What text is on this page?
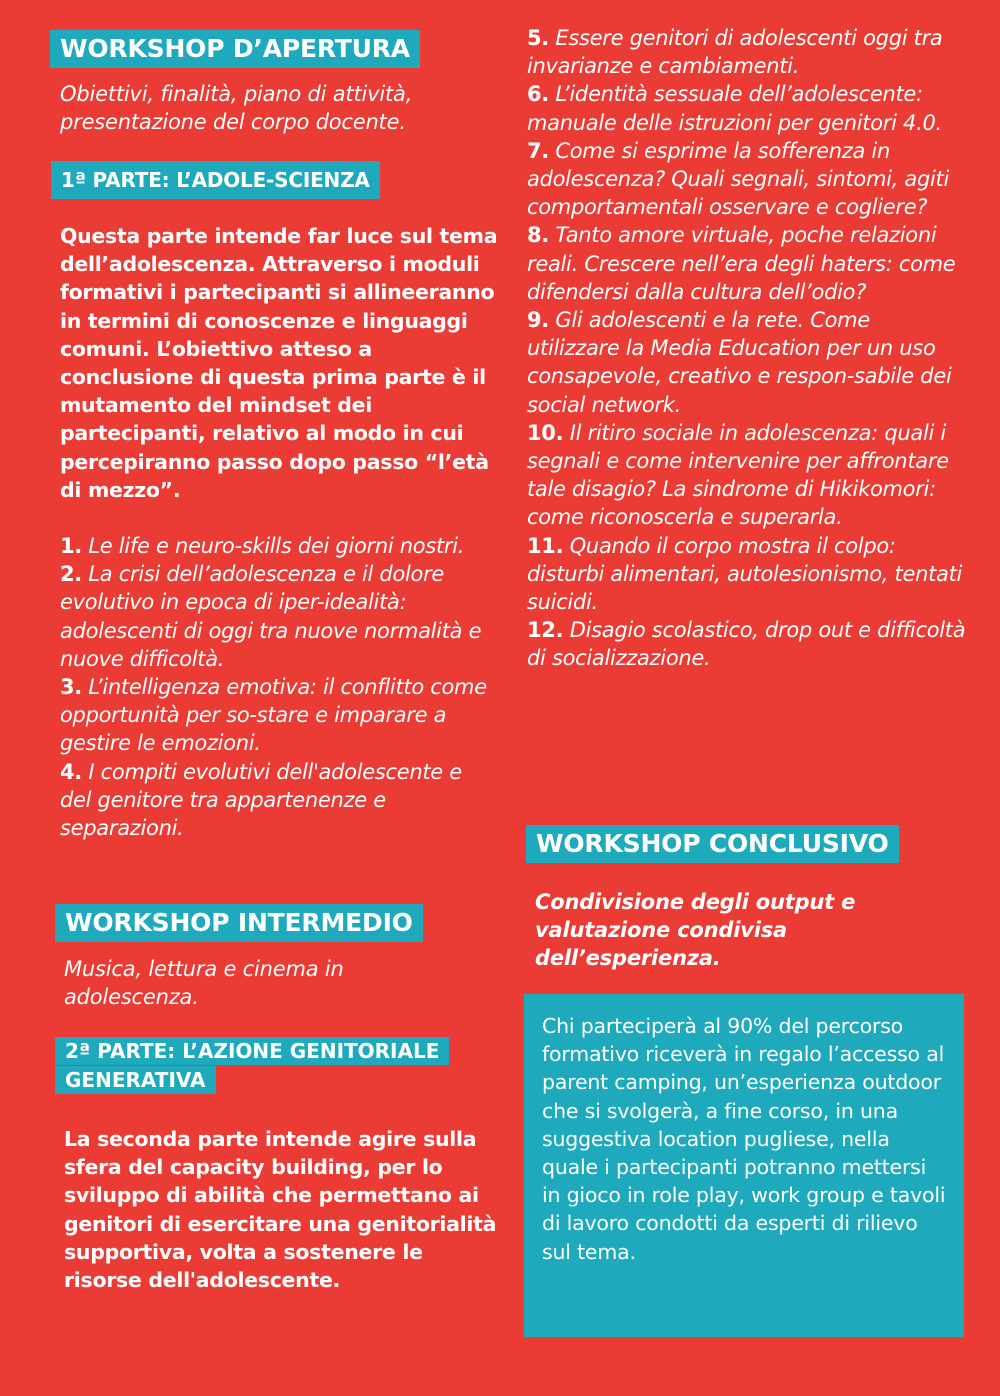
WORKSHOP D’APERTURA
Obiettivi, finalità, piano di attività, presentazione del corpo docente.
1ª PARTE: L’ADOLE-SCIENZA
Questa parte intende far luce sul tema dell’adolescenza. Attraverso i moduli formativi i partecipanti si allineeranno in termini di conoscenze e linguaggi comuni. L’obiettivo atteso a conclusione di questa prima parte è il mutamento del mindset dei partecipanti, relativo al modo in cui percepiranno passo dopo passo “l’età di mezzo”.
1. Le life e neuro-skills dei giorni nostri.
2. La crisi dell’adolescenza e il dolore evolutivo in epoca di iper-idealità: adolescenti di oggi tra nuove normalità e nuove difficoltà.
3. L’intelligenza emotiva: il conflitto come opportunità per so-stare e imparare a gestire le emozioni.
4. I compiti evolutivi dell'adolescente e del genitore tra appartenenze e separazioni.
WORKSHOP INTERMEDIO
Musica, lettura e cinema in adolescenza.
2ª PARTE: L’AZIONE GENITORIALE
GENERATIVA
La seconda parte intende agire sulla sfera del capacity building, per lo sviluppo di abilità che permettano ai genitori di esercitare una genitorialità supportiva, volta a sostenere le risorse dell'adolescente.
5. Essere genitori di adolescenti oggi tra invarianze e cambiamenti.
6. L’identità sessuale dell’adolescente: manuale delle istruzioni per genitori 4.0.
7. Come si esprime la sofferenza in adolescenza? Quali segnali, sintomi, agiti comportamentali osservare e cogliere?
8. Tanto amore virtuale, poche relazioni reali. Crescere nell’era degli haters: come difendersi dalla cultura dell’odio?
9. Gli adolescenti e la rete. Come utilizzare la Media Education per un uso consapevole, creativo e respon-sabile dei social network.
10. Il ritiro sociale in adolescenza: quali i segnali e come intervenire per affrontare tale disagio? La sindrome di Hikikomori: come riconoscerla e superarla.
11. Quando il corpo mostra il colpo: disturbi alimentari, autolesionismo, tentati suicidi.
12. Disagio scolastico, drop out e difficoltà di socializzazione.
WORKSHOP CONCLUSIVO
Condivisione degli output e valutazione condivisa dell’esperienza.
Chi parteciperà al 90% del percorso formativo riceverà in regalo l’accesso al parent camping, un’esperienza outdoor che si svolgerà, a fine corso, in una suggestiva location pugliese, nella quale i partecipanti potranno mettersi in gioco in role play, work group e tavoli di lavoro condotti da esperti di rilievo sul tema.
